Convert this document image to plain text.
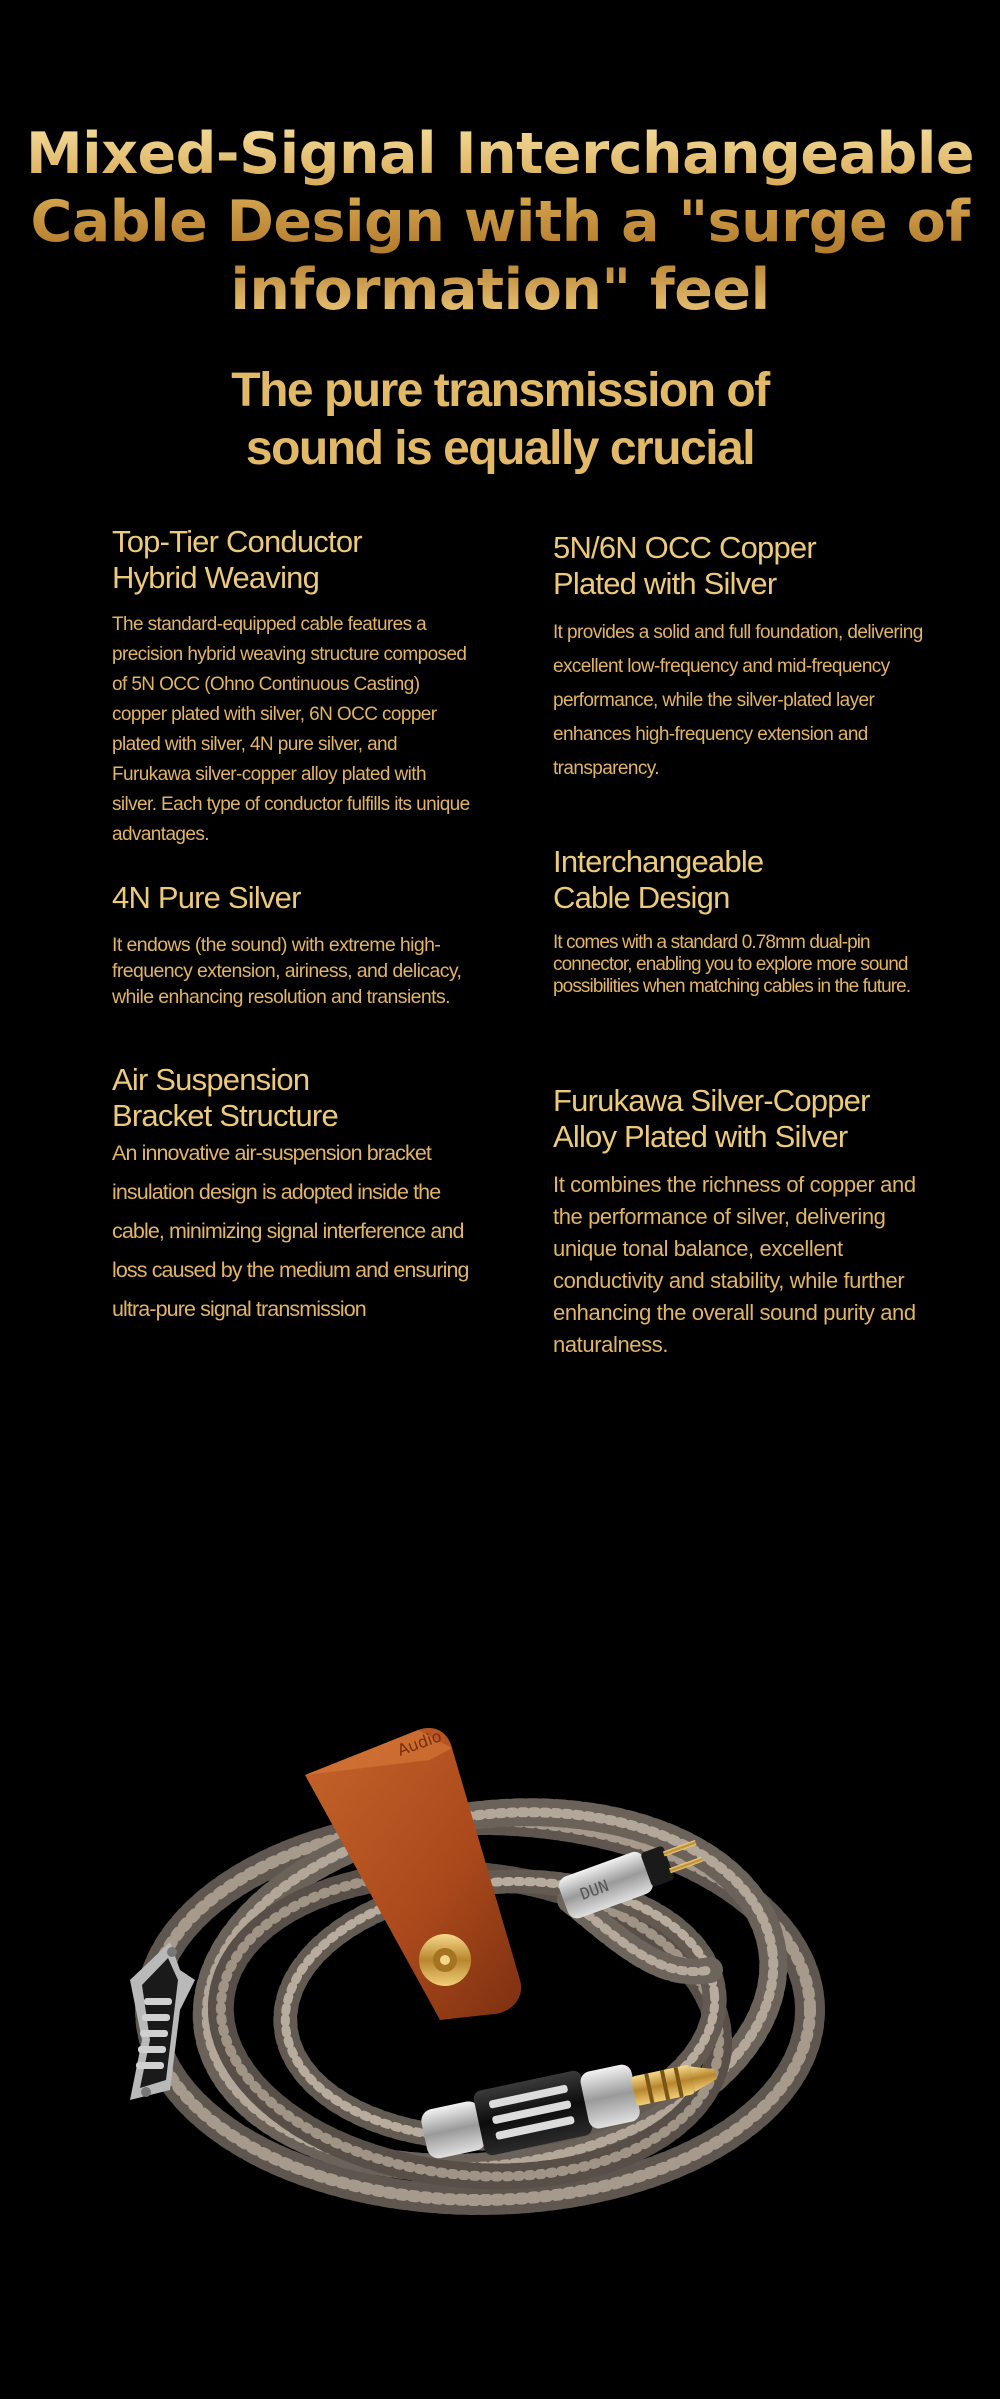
Mixed-Signal Interchangeable
Cable Design with a "surge of
information" feel
The pure transmission of
sound is equally crucial
Top-Tier Conductor
Hybrid Weaving

The standard-equipped cable features a precision hybrid weaving structure composed of 5N OCC (Ohno Continuous Casting) copper plated with silver, 6N OCC copper plated with silver, 4N pure silver, and Furukawa silver-copper alloy plated with silver. Each type of conductor fulfills its unique advantages.

5N/6N OCC Copper
Plated with Silver

It provides a solid and full foundation, delivering excellent low-frequency and mid-frequency performance, while the silver-plated layer enhances high-frequency extension and transparency.

4N Pure Silver

It endows (the sound) with extreme high-frequency extension, airiness, and delicacy, while enhancing resolution and transients.

Interchangeable
Cable Design

It comes with a standard 0.78mm dual-pin connector, enabling you to explore more sound possibilities when matching cables in the future.

Air Suspension
Bracket Structure

An innovative air-suspension bracket insulation design is adopted inside the cable, minimizing signal interference and loss caused by the medium and ensuring ultra-pure signal transmission

Furukawa Silver-Copper
Alloy Plated with Silver

It combines the richness of copper and the performance of silver, delivering unique tonal balance, excellent conductivity and stability, while further enhancing the overall sound purity and naturalness.

Audio
DUN
